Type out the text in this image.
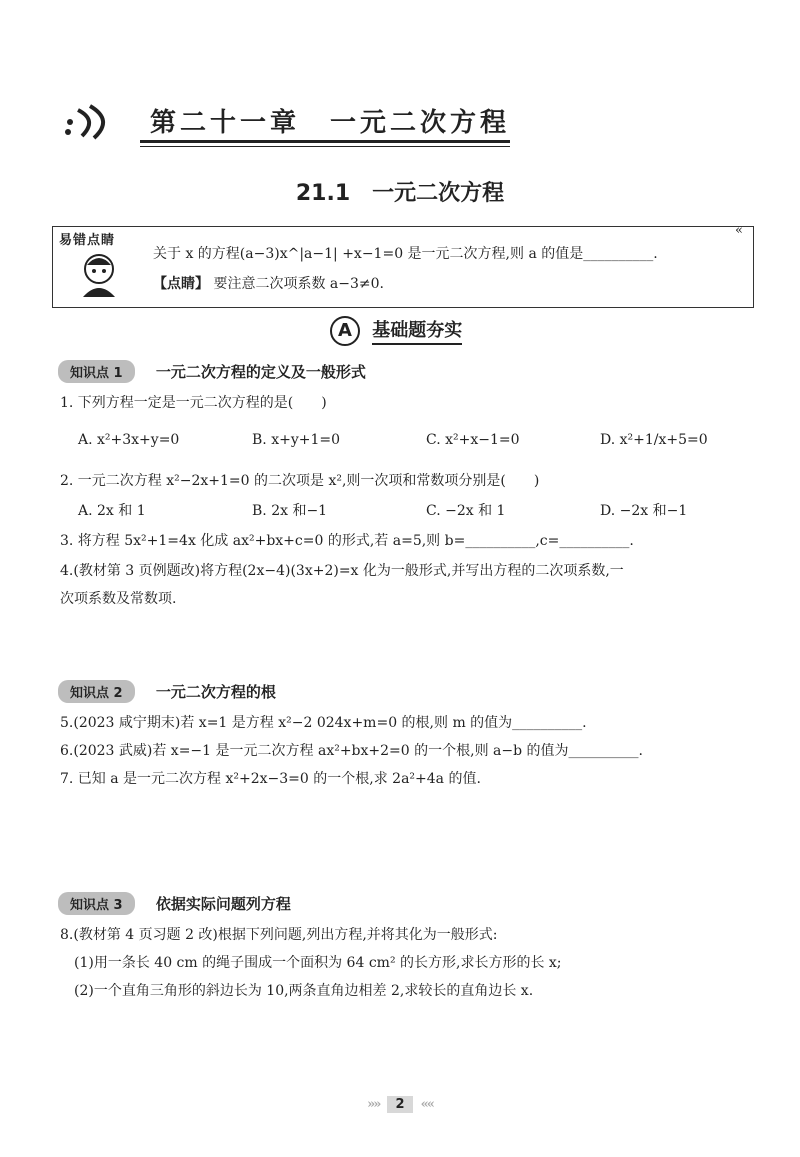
第二十一章　一元二次方程
21.1　一元二次方程
易错点睛
关于 x 的方程(a−3)x^|a−1| +x−1=0 是一元二次方程,则 a 的值是__________.
【点睛】 要注意二次项系数 a−3≠0.
«
A 基础题夯实
知识点 1 一元二次方程的定义及一般形式
1. 下列方程一定是一元二次方程的是(　　)
A. x²+3x+y=0	B. x+y+1=0	C. x²+x−1=0	D. x²+1/x+5=0
2. 一元二次方程 x²−2x+1=0 的二次项是 x²,则一次项和常数项分别是(　　)
A. 2x 和 1	B. 2x 和−1	C. −2x 和 1	D. −2x 和−1
3. 将方程 5x²+1=4x 化成 ax²+bx+c=0 的形式,若 a=5,则 b=__________,c=__________.
4.(教材第 3 页例题改)将方程(2x−4)(3x+2)=x 化为一般形式,并写出方程的二次项系数,一
次项系数及常数项.
知识点 2 一元二次方程的根
5.(2023 咸宁期末)若 x=1 是方程 x²−2 024x+m=0 的根,则 m 的值为__________.
6.(2023 武威)若 x=−1 是一元二次方程 ax²+bx+2=0 的一个根,则 a−b 的值为__________.
7. 已知 a 是一元二次方程 x²+2x−3=0 的一个根,求 2a²+4a 的值.
知识点 3 依据实际问题列方程
8.(教材第 4 页习题 2 改)根据下列问题,列出方程,并将其化为一般形式:
(1)用一条长 40 cm 的绳子围成一个面积为 64 cm² 的长方形,求长方形的长 x;
(2)一个直角三角形的斜边长为 10,两条直角边相差 2,求较长的直角边长 x.
»» 2 ««
